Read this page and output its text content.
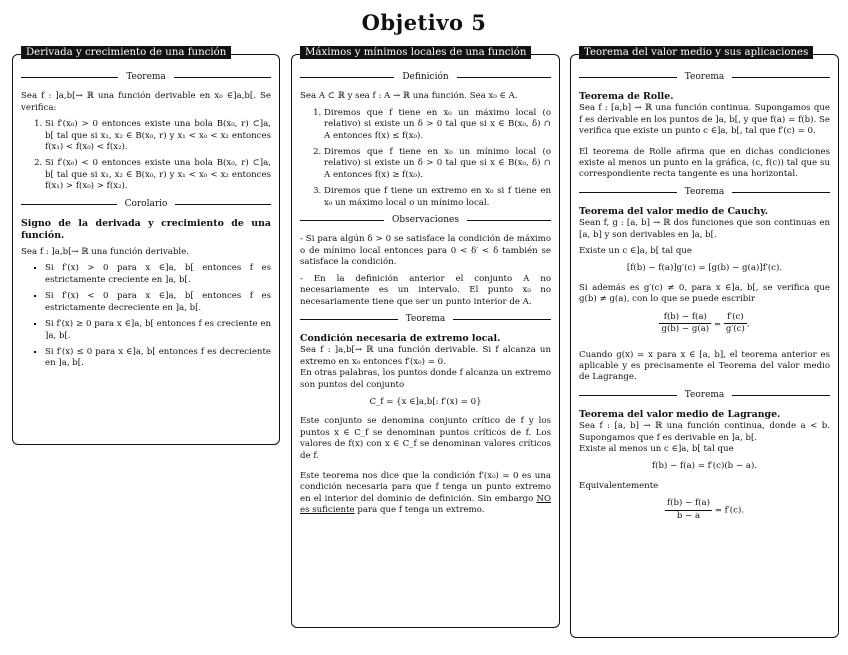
Objetivo 5
Derivada y crecimiento de una función
Teorema

Sea f : ]a,b[→ ℝ una función derivable en x₀ ∈]a,b[. Se verifica:

1. Si f′(x₀) > 0 entonces existe una bola B(x₀, r) ⊂]a, b[ tal que si x₁, x₂ ∈ B(x₀, r) y x₁ < x₀ < x₂ entonces f(x₁) < f(x₀) < f(x₂).
2. Si f′(x₀) < 0 entonces existe una bola B(x₀, r) ⊂]a, b[ tal que si x₁, x₂ ∈ B(x₀, r) y x₁ < x₀ < x₂ entonces f(x₁) > f(x₀) > f(x₂).
Corolario

Signo de la derivada y crecimiento de una función.

Sea f : ]a,b[→ ℝ una función derivable.

▪ Si f′(x) > 0 para x ∈]a, b[ entonces f es estrictamente creciente en ]a, b[.
▪ Si f′(x) < 0 para x ∈]a, b[ entonces f es estrictamente decreciente en ]a, b[.
▪ Si f′(x) ≥ 0 para x ∈]a, b[ entonces f es creciente en ]a, b[.
▪ Si f′(x) ≤ 0 para x ∈]a, b[ entonces f es decreciente en ]a, b[.
Máximos y mínimos locales de una función
Definición

Sea A ⊂ ℝ y sea f : A → ℝ una función. Sea x₀ ∈ A.

1. Diremos que f tiene en x₀ un máximo local (o relativo) si existe un δ > 0 tal que si x ∈ B(x₀, δ) ∩ A entonces f(x) ≤ f(x₀).
2. Diremos que f tiene en x₀ un mínimo local (o relativo) si existe un δ > 0 tal que si x ∈ B(x₀, δ) ∩ A entonces f(x) ≥ f(x₀).
3. Diremos que f tiene un extremo en x₀ si f tiene en x₀ un máximo local o un mínimo local.
Observaciones

- Si para algún δ > 0 se satisface la condición de máximo o de mínimo local entonces para 0 < δ′ < δ también se satisface la condición.

- En la definición anterior el conjunto A no necesariamente es un intervalo. El punto x₀ no necesariamente tiene que ser un punto interior de A.

Teorema

Condición necesaria de extremo local.

Sea f : ]a,b[→ ℝ una función derivable. Si f alcanza un extremo en x₀ entonces f′(x₀) = 0.

En otras palabras, los puntos donde f alcanza un extremo son puntos del conjunto

C_f = {x ∈]a,b[: f′(x) = 0}

Este conjunto se denomina conjunto crítico de f y los puntos x ∈ C_f se denominan puntos críticos de f. Los valores de f(x) con x ∈ C_f se denominan valores críticos de f.

Este teorema nos dice que la condición f′(x₀) = 0 es una condición necesaria para que f tenga un punto extremo en el interior del dominio de definición. Sin embargo NO es suficiente para que f tenga un extremo.

Teorema del valor medio y sus aplicaciones
Teorema

Teorema de Rolle.

Sea f : [a,b] → ℝ una función continua. Supongamos que f es derivable en los puntos de ]a, b[, y que f(a) = f(b). Se verifica que existe un punto c ∈]a, b[, tal que f′(c) = 0.

El teorema de Rolle afirma que en dichas condiciones existe al menos un punto en la gráfica, (c, f(c)) tal que su correspondiente recta tangente es una horizontal.

Teorema

Teorema del valor medio de Cauchy.

Sean f, g : [a, b] → ℝ dos funciones que son continuas en [a, b] y son derivables en ]a, b[.

Existe un c ∈]a, b[ tal que

[f(b) − f(a)]g′(c) = [g(b) − g(a)]f′(c).

Si además es g′(c) ≠ 0, para x ∈]a, b[, se verifica que g(b) ≠ g(a), con lo que se puede escribir

$\frac{f(b) - f(a)}{g(b) - g(a)} = \frac{f'(c)}{g'(c)}$ .

Cuando g(x) = x para x ∈ [a, b], el teorema anterior es aplicable y es precisamente el Teorema del valor medio de Lagrange.

Teorema

Teorema del valor medio de Lagrange.

Sea f : [a, b] → ℝ una función continua, donde a < b. Supongamos que f es derivable en ]a, b[.

Existe al menos un c ∈]a, b[ tal que

f(b) − f(a) = f′(c)(b − a).

Equivalentemente

$\frac{f(b) - f(a)}{b - a} = f'(c)$.
